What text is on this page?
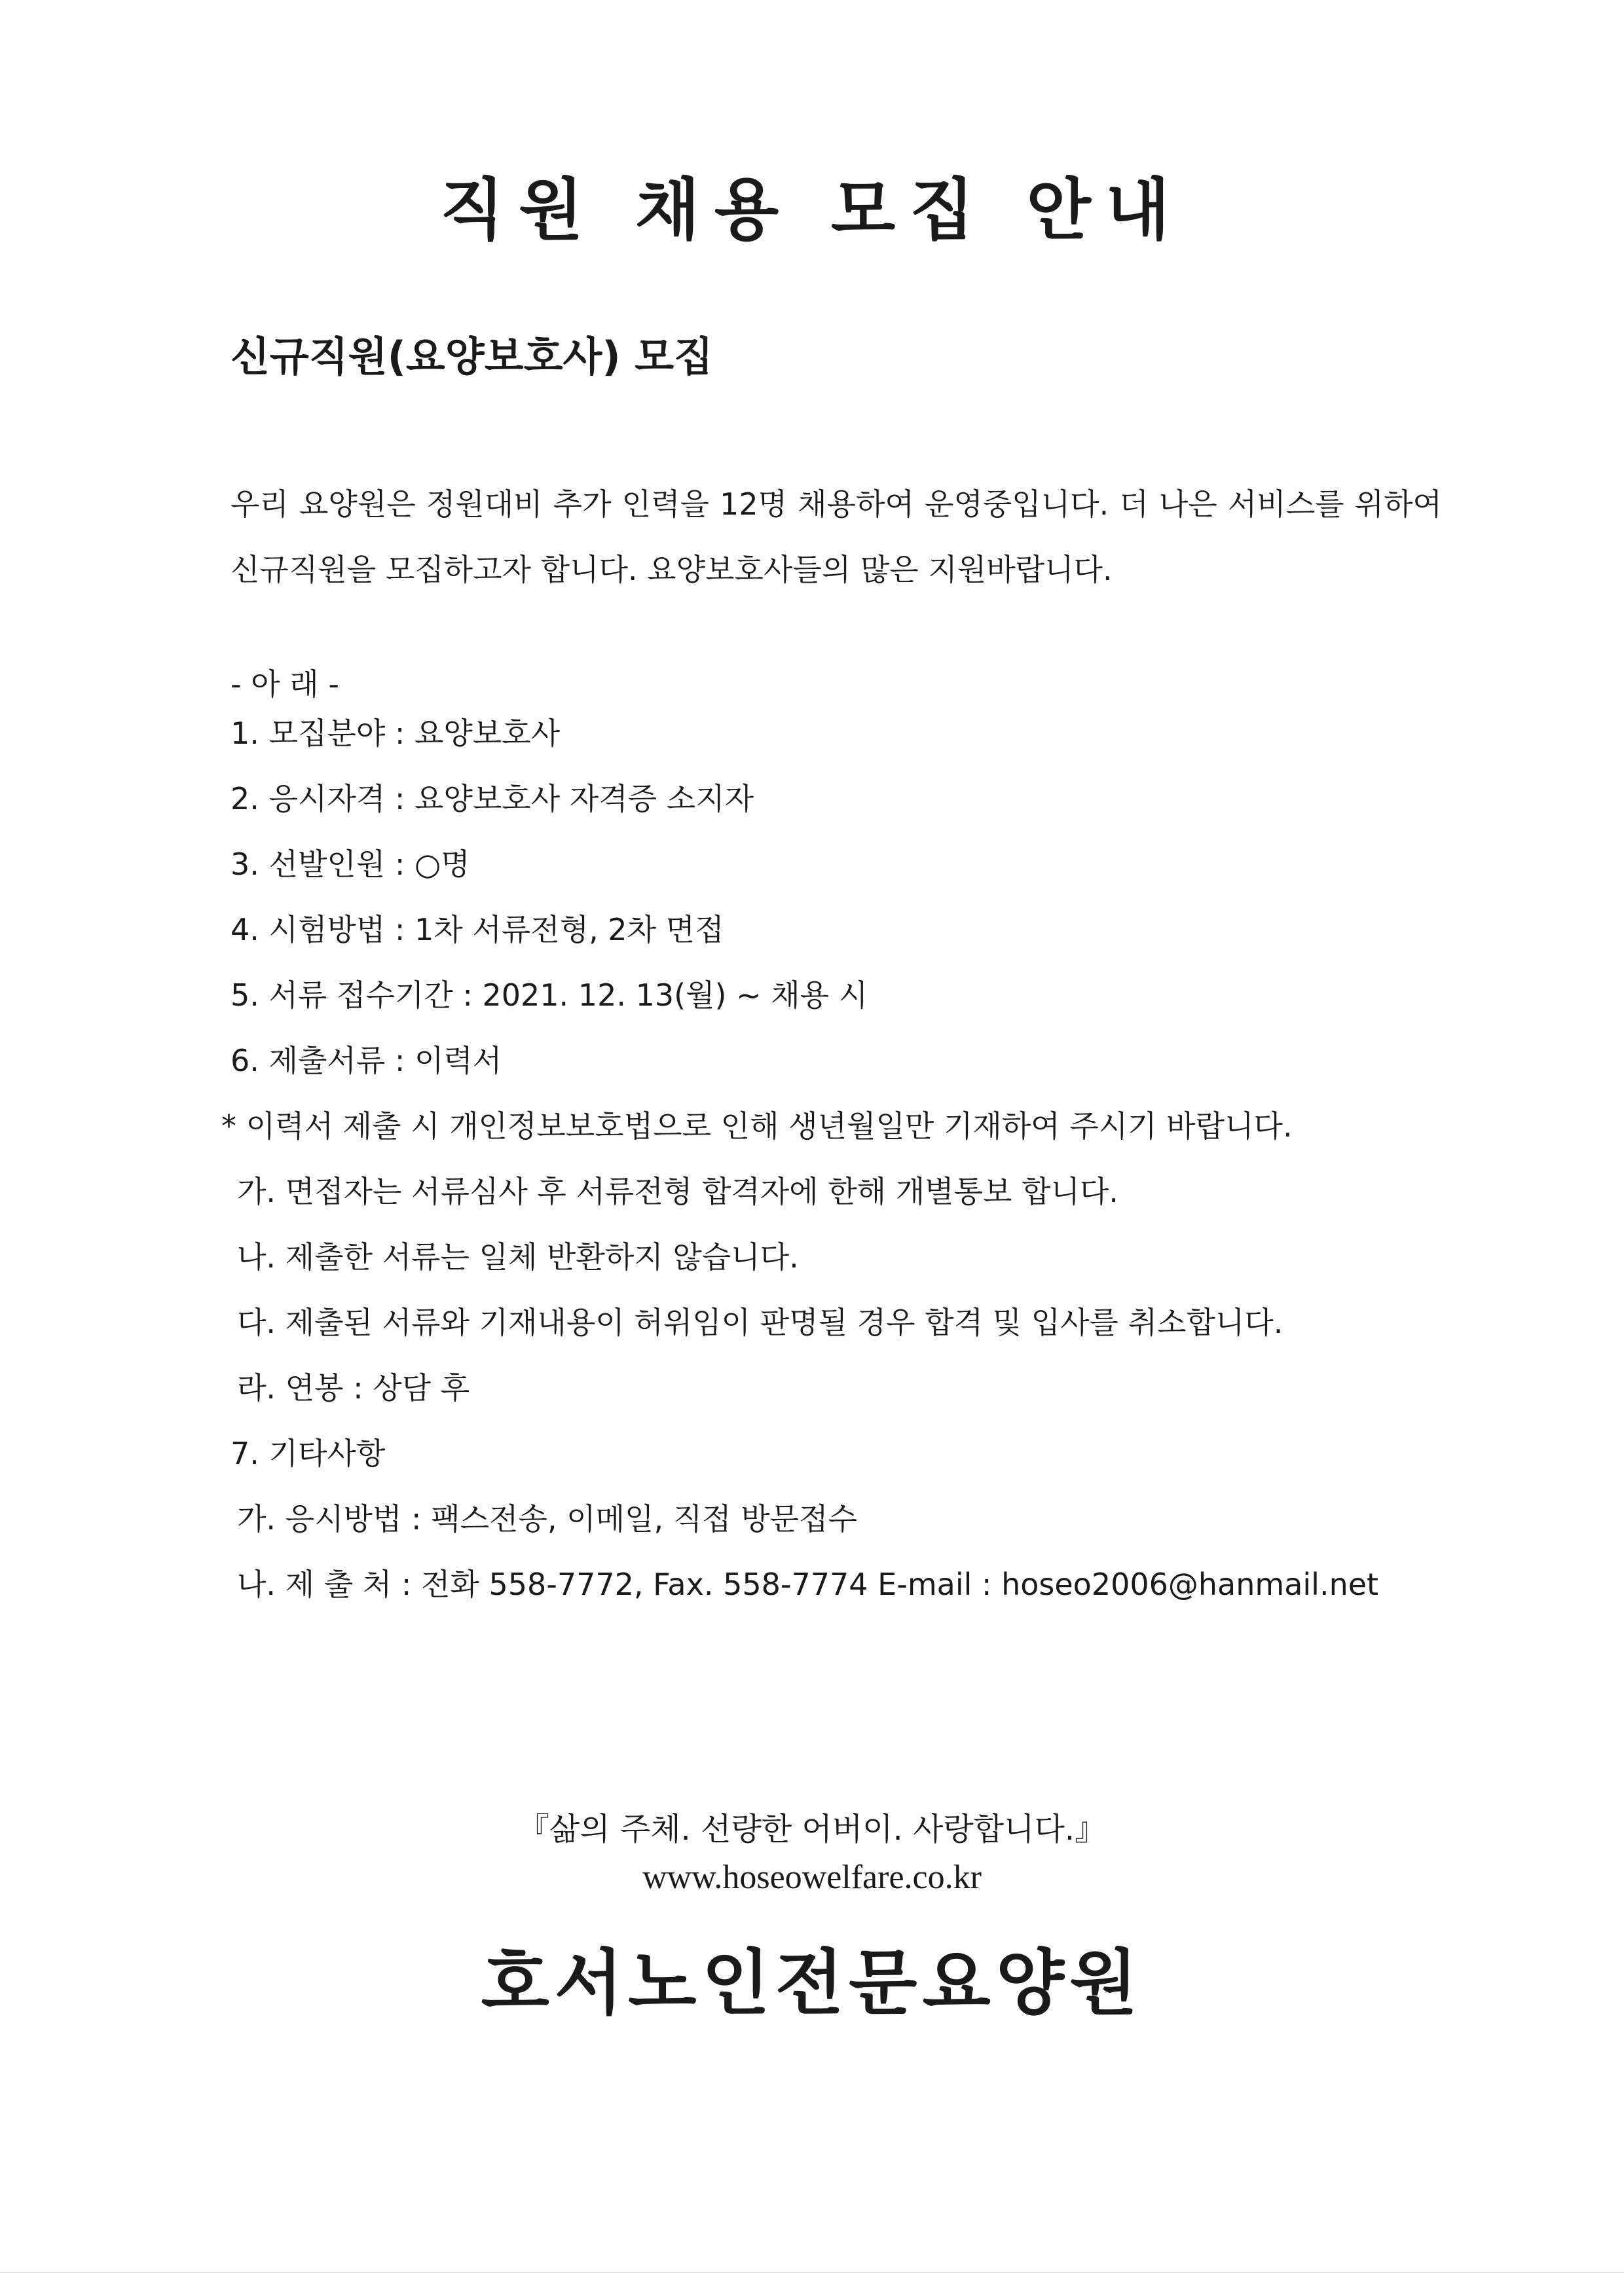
직원 채용 모집 안내
신규직원(요양보호사) 모집
우리 요양원은 정원대비 추가 인력을 12명 채용하여 운영중입니다. 더 나은 서비스를 위하여 신규직원을 모집하고자 합니다. 요양보호사들의 많은 지원바랍니다.
- 아 래 -
1. 모집분야 : 요양보호사
2. 응시자격 : 요양보호사 자격증 소지자
3. 선발인원 : ○명
4. 시험방법 : 1차 서류전형, 2차 면접
5. 서류 접수기간 : 2021. 12. 13(월) ~ 채용 시
6. 제출서류 : 이력서
* 이력서 제출 시 개인정보보호법으로 인해 생년월일만 기재하여 주시기 바랍니다.
가. 면접자는 서류심사 후 서류전형 합격자에 한해 개별통보 합니다.
나. 제출한 서류는 일체 반환하지 않습니다.
다. 제출된 서류와 기재내용이 허위임이 판명될 경우 합격 및 입사를 취소합니다.
라. 연봉 : 상담 후
7. 기타사항
가. 응시방법 : 팩스전송, 이메일, 직접 방문접수
나. 제 출 처 : 전화 558-7772, Fax. 558-7774 E-mail : hoseo2006@hanmail.net
『삶의 주체. 선량한 어버이. 사랑합니다.』
www.hoseowelfare.co.kr
호서노인전문요양원
